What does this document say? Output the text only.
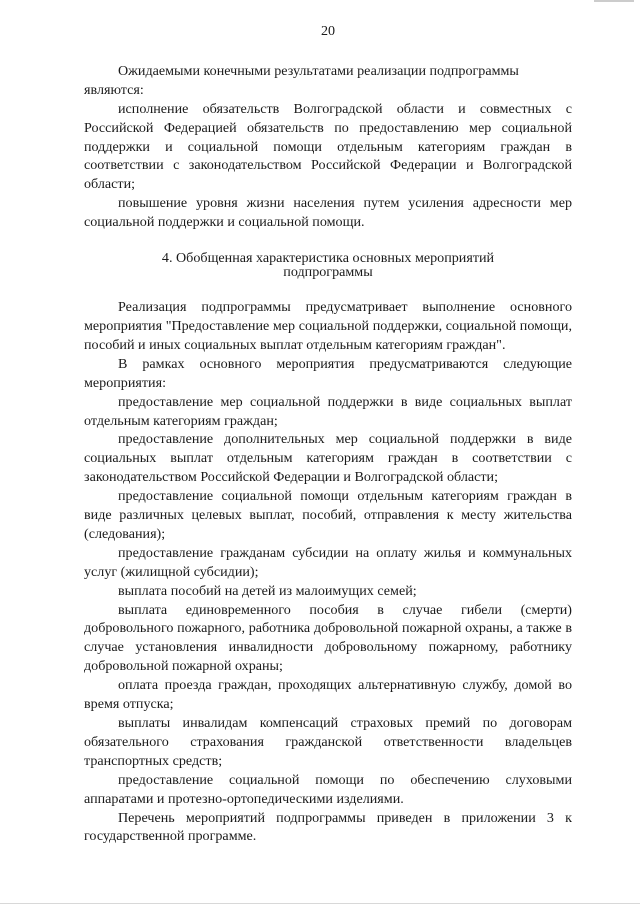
20

Ожидаемыми конечными результатами реализации подпрограммы

являются:

исполнение обязательств Волгоградской области и совместных с Российской Федерацией обязательств по предоставлению мер социальной поддержки и социальной помощи отдельным категориям граждан в соответствии с законодательством Российской Федерации и Волгоградской области;

повышение уровня жизни населения путем усиления адресности мер социальной поддержки и социальной помощи.

4. Обобщенная характеристика основных мероприятий
подпрограммы

Реализация подпрограммы предусматривает выполнение основного мероприятия "Предоставление мер социальной поддержки, социальной помощи, пособий и иных социальных выплат отдельным категориям граждан".

В рамках основного мероприятия предусматриваются следующие мероприятия:

предоставление мер социальной поддержки в виде социальных выплат отдельным категориям граждан;

предоставление дополнительных мер социальной поддержки в виде социальных выплат отдельным категориям граждан в соответствии с законодательством Российской Федерации и Волгоградской области;

предоставление социальной помощи отдельным категориям граждан в виде различных целевых выплат, пособий, отправления к месту жительства (следования);

предоставление гражданам субсидии на оплату жилья и коммунальных услуг (жилищной субсидии);

выплата пособий на детей из малоимущих семей;

выплата единовременного пособия в случае гибели (смерти) добровольного пожарного, работника добровольной пожарной охраны, а также в случае установления инвалидности добровольному пожарному, работнику добровольной пожарной охраны;

оплата проезда граждан, проходящих альтернативную службу, домой во время отпуска;

выплаты инвалидам компенсаций страховых премий по договорам обязательного страхования гражданской ответственности владельцев транспортных средств;

предоставление социальной помощи по обеспечению слуховыми аппаратами и протезно-ортопедическими изделиями.

Перечень мероприятий подпрограммы приведен в приложении 3 к государственной программе.
